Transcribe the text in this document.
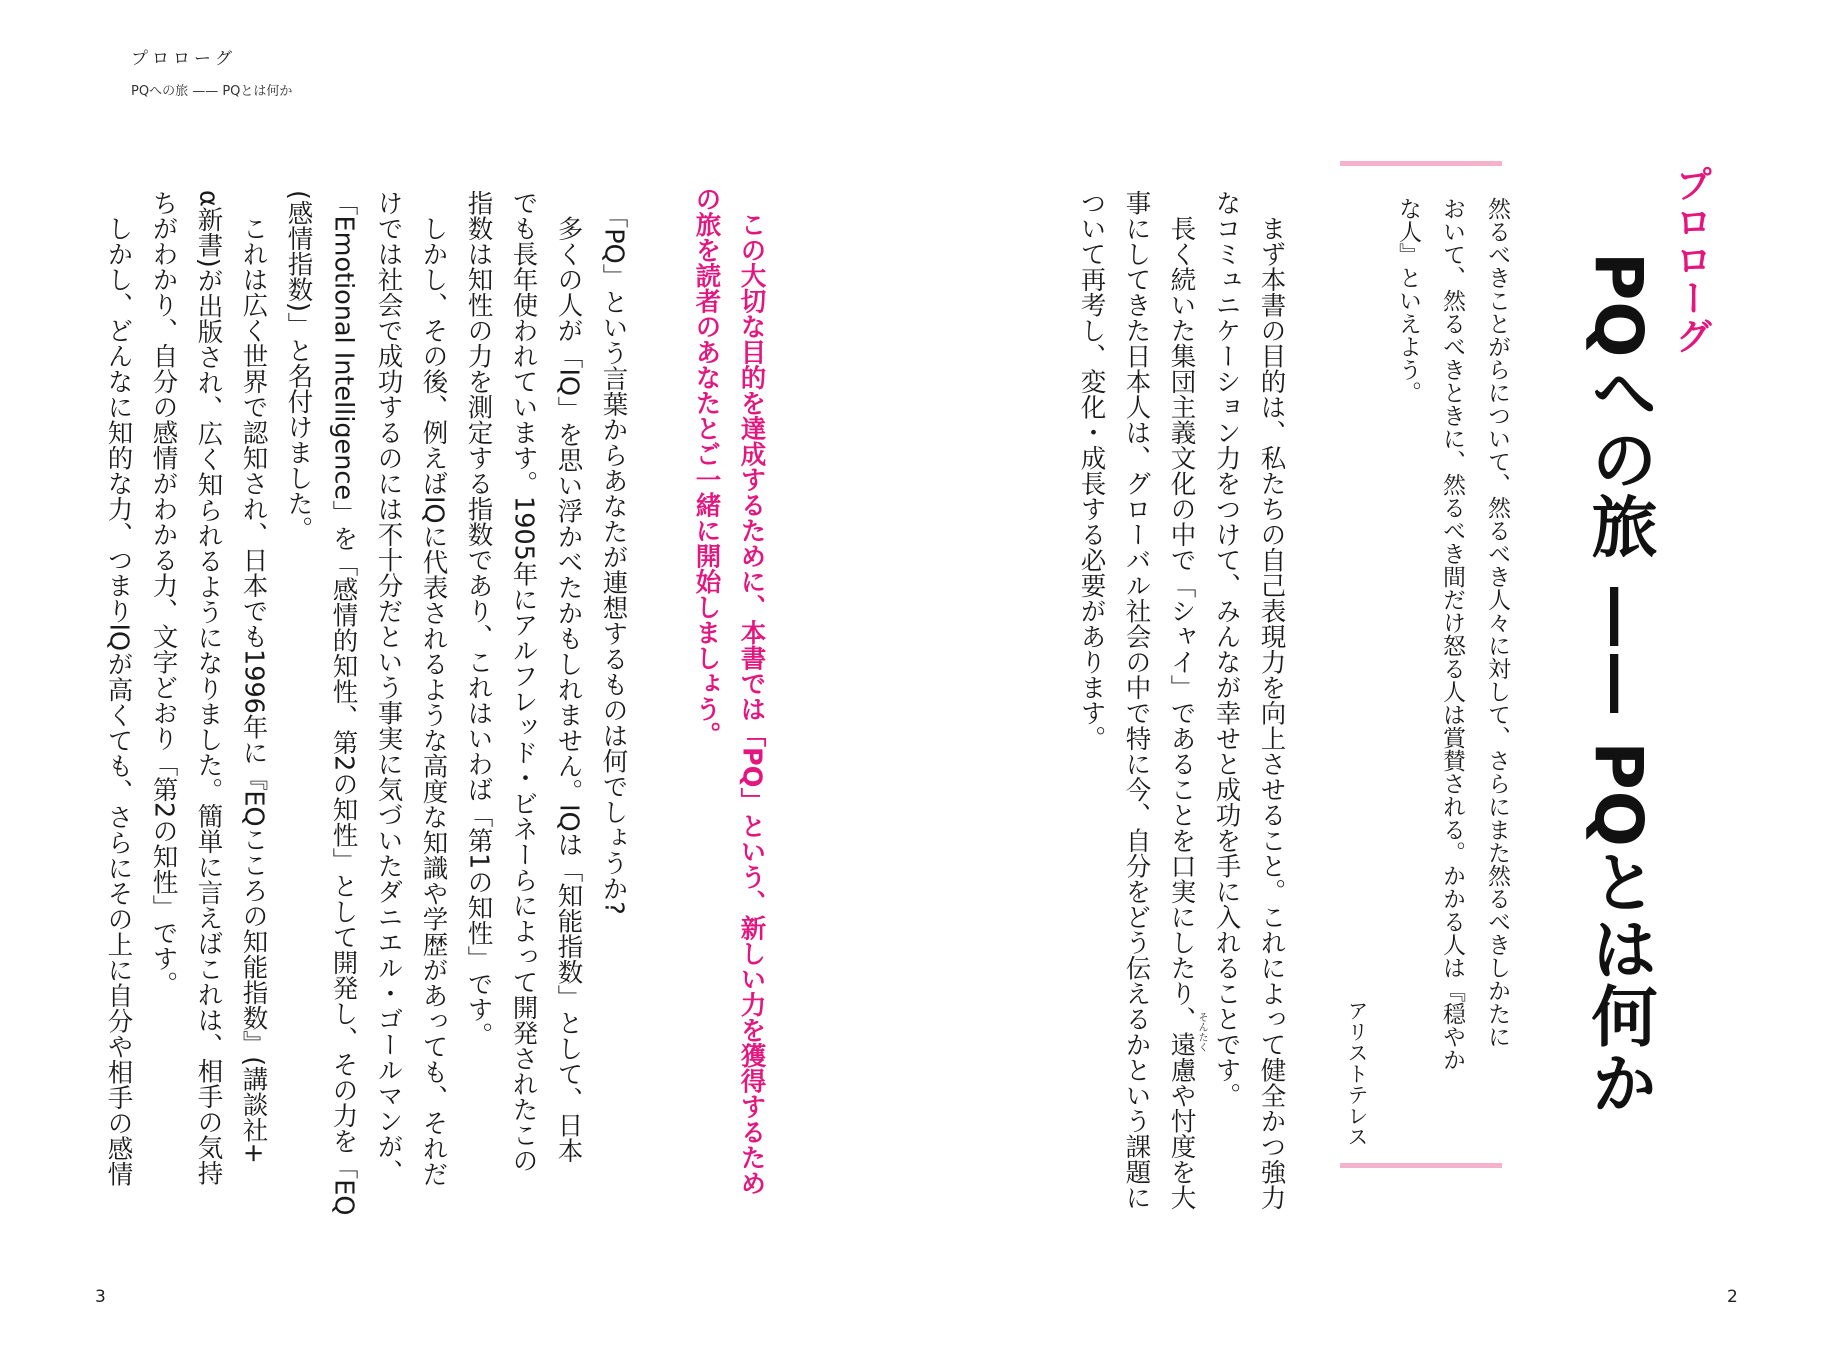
プロローグ
PQへの旅 —— PQとは何か
プロローグ
PQへの旅 —— PQとは何か
然るべきことがらについて、然るべき人々に対して、さらにまた然るべきしかたに
おいて、然るべきときに、然るべき間だけ怒る人は賞賛される。かかる人は『穏やか
な人』といえよう。
アリストテレス
　まず本書の目的は、私たちの自己表現力を向上させること。これによって健全かつ強力
なコミュニケーション力をつけて、みんなが幸せと成功を手に入れることです。
　長く続いた集団主義文化の中で「シャイ」であることを口実にしたり、遠慮や忖度を大
事にしてきた日本人は、グローバル社会の中で特に今、自分をどう伝えるかという課題に
ついて再考し、変化・成長する必要があります。
そんたく
　この大切な目的を達成するために、本書では「PQ」という、新しい力を獲得するため
の旅を読者のあなたとご一緒に開始しましょう。
　「PQ」という言葉からあなたが連想するものは何でしょうか?
　多くの人が「IQ」を思い浮かべたかもしれません。IQは「知能指数」として、日本
でも長年使われています。1905年にアルフレッド・ビネーらによって開発されたこの
指数は知性の力を測定する指数であり、これはいわば「第1の知性」です。
　しかし、その後、例えばIQに代表されるような高度な知識や学歴があっても、それだ
けでは社会で成功するのには不十分だという事実に気づいたダニエル・ゴールマンが、
「Emotional Intelligence」を「感情的知性、第2の知性」として開発し、その力を「EQ
(感情指数)」と名付けました。
　これは広く世界で認知され、日本でも1996年に『EQこころの知能指数』(講談社+
α新書)が出版され、広く知られるようになりました。簡単に言えばこれは、相手の気持
ちがわかり、自分の感情がわかる力、文字どおり「第2の知性」です。
　しかし、どんなに知的な力、つまりIQが高くても、さらにその上に自分や相手の感情
3	2
